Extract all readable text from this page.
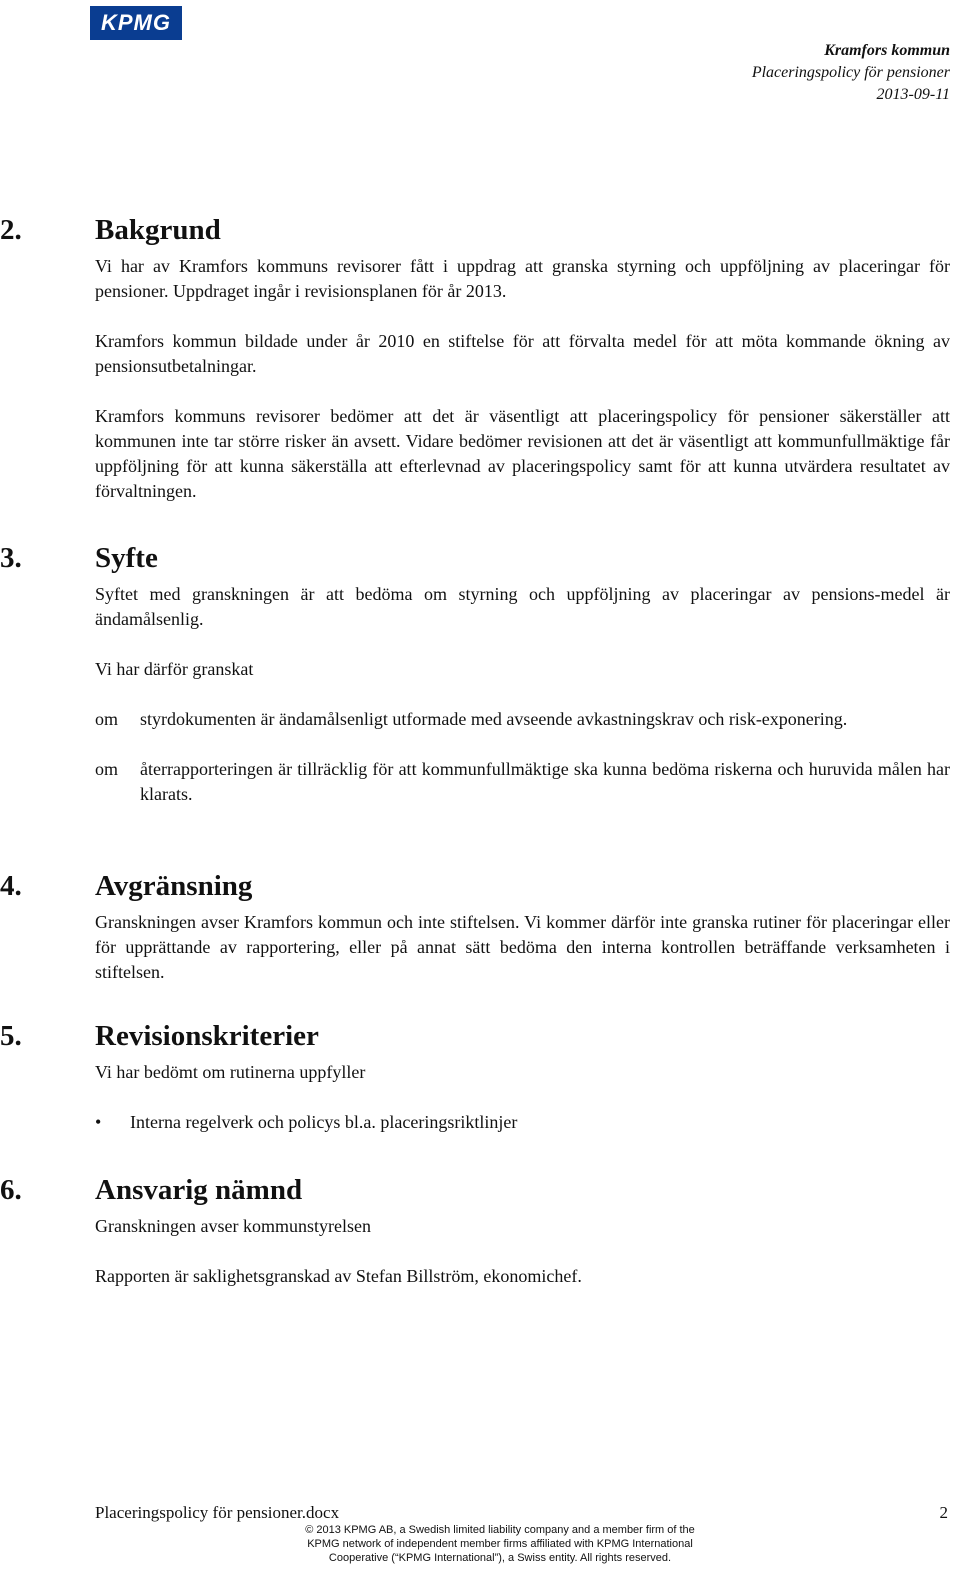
KPMG
Kramfors kommun
Placeringspolicy för pensioner
2013-09-11
2.	Bakgrund

Vi har av Kramfors kommuns revisorer fått i uppdrag att granska styrning och uppföljning av placeringar för pensioner. Uppdraget ingår i revisionsplanen för år 2013.

Kramfors kommun bildade under år 2010 en stiftelse för att förvalta medel för att möta kommande ökning av pensionsutbetalningar.

Kramfors kommuns revisorer bedömer att det är väsentligt att placeringspolicy för pensioner säkerställer att kommunen inte tar större risker än avsett. Vidare bedömer revisionen att det är väsentligt att kommunfullmäktige får uppföljning för att kunna säkerställa att efterlevnad av placeringspolicy samt för att kunna utvärdera resultatet av förvaltningen.

3.	Syfte

Syftet med granskningen är att bedöma om styrning och uppföljning av placeringar av pensions-medel är ändamålsenlig.

Vi har därför granskat

om	styrdokumenten är ändamålsenligt utformade med avseende avkastningskrav och risk-exponering.
om	återrapporteringen är tillräcklig för att kommunfullmäktige ska kunna bedöma riskerna och huruvida målen har klarats.
4.	Avgränsning

Granskningen avser Kramfors kommun och inte stiftelsen. Vi kommer därför inte granska rutiner för placeringar eller för upprättande av rapportering, eller på annat sätt bedöma den interna kontrollen beträffande verksamheten i stiftelsen.

5.	Revisionskriterier

Vi har bedömt om rutinerna uppfyller

•	Interna regelverk och policys bl.a. placeringsriktlinjer
6.	Ansvarig nämnd

Granskningen avser kommunstyrelsen

Rapporten är saklighetsgranskad av Stefan Billström, ekonomichef.

Placeringspolicy för pensioner.docx	2
© 2013 KPMG AB, a Swedish limited liability company and a member firm of the
KPMG network of independent member firms affiliated with KPMG International
Cooperative (“KPMG International”), a Swiss entity. All rights reserved.
